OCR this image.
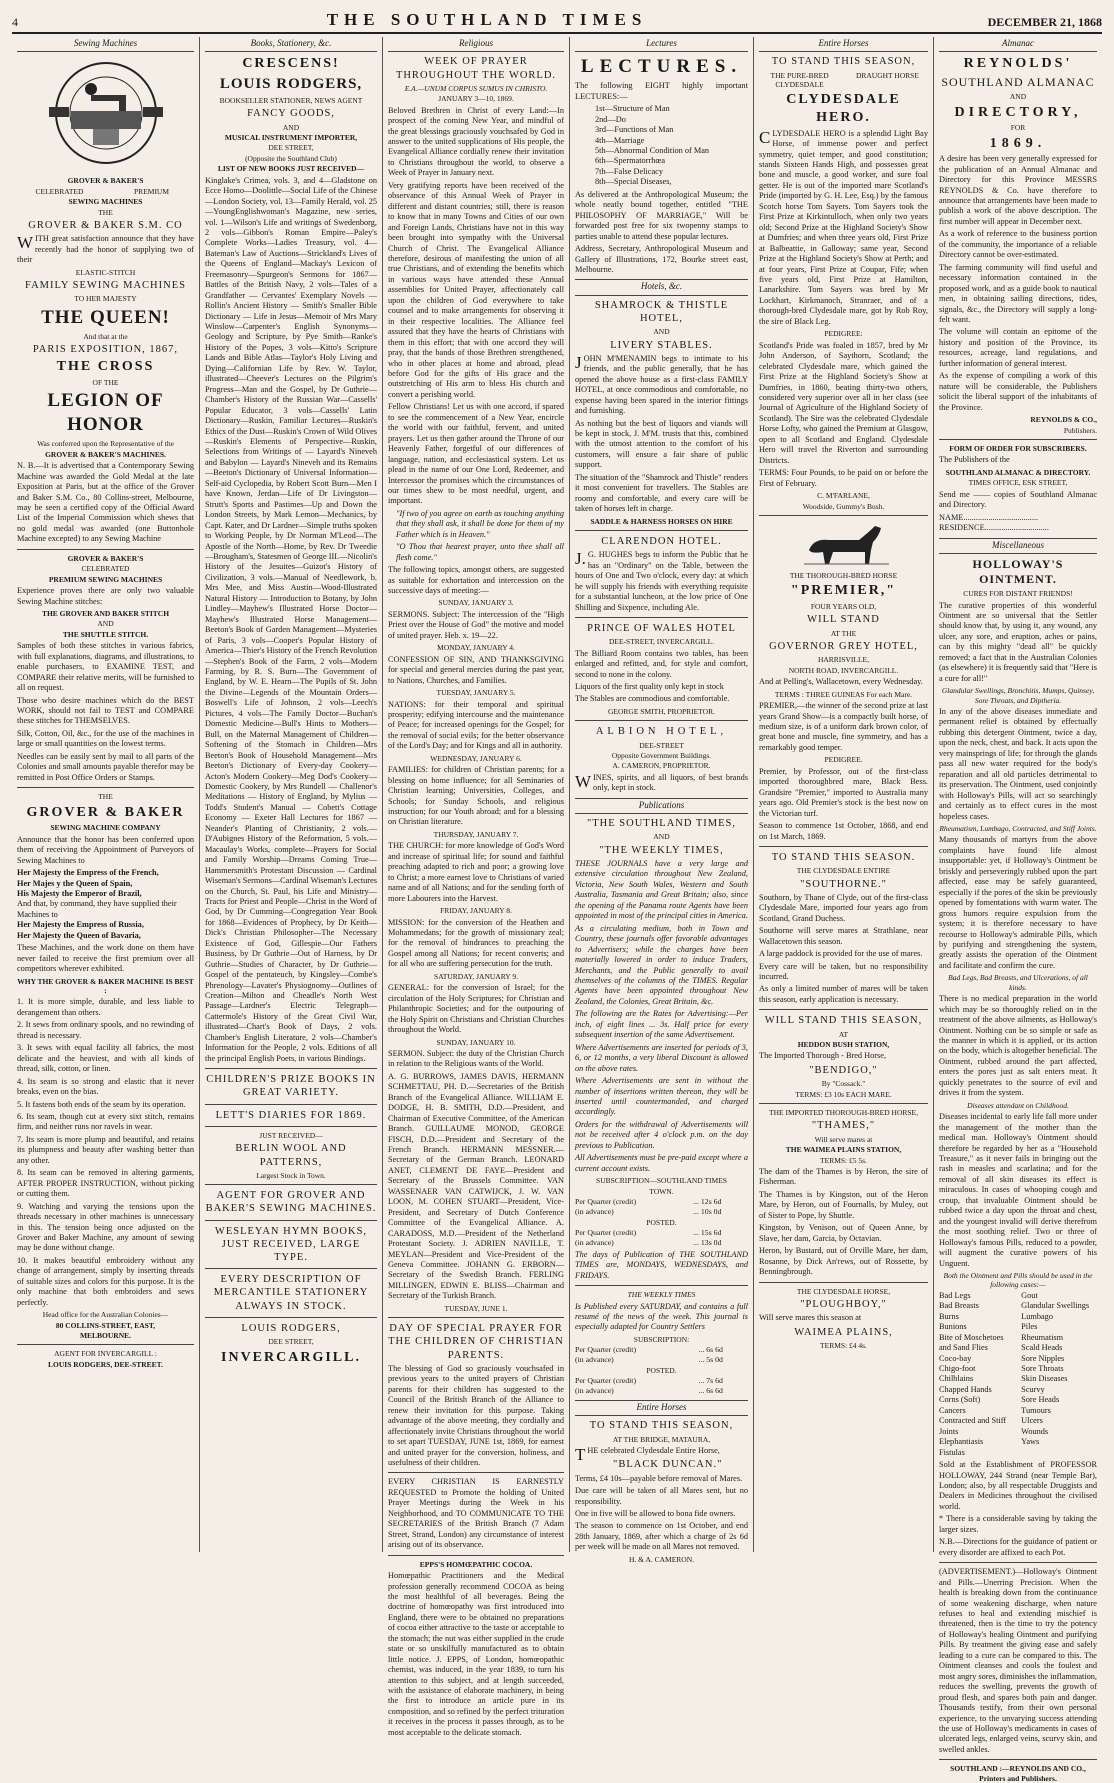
4	THE SOUTHLAND TIMES	DECEMBER 21, 1868
Sewing Machines
GROVER & BAKER'S
CELEBRATED	PREMIUM
SEWING MACHINES
THE
GROVER & BAKER S.M. CO

WITH great satisfaction announce that they have recently had the honor of supplying two of their

ELASTIC-STITCH
FAMILY SEWING MACHINES
TO HER MAJESTY
THE QUEEN!
And that at the
PARIS EXPOSITION, 1867,
THE CROSS
OF THE
LEGION OF HONOR
Was conferred upon the Representative of the
GROVER & BAKER'S MACHINES.

N. B.—It is advertised that a Contemporary Sewing Machine was awarded the Gold Medal at the late Exposition at Paris, but at the office of the Grover and Baker S.M. Co., 80 Collins-street, Melbourne, may be seen a certified copy of the Official Award List of the Imperial Commission which shews that no gold medal was awarded (one Buttonhole Machine excepted) to any Sewing Machine

GROVER & BAKER'S
CELEBRATED
PREMIUM SEWING MACHINES

Experience proves there are only two valuable Sewing Machine stitches:

THE GROVER AND BAKER STITCH
AND
THE SHUTTLE STITCH.

Samples of both these stitches in various fabrics, with full explanations, diagrams, and illustrations, to enable purchasers, to EXAMINE TEST, and COMPARE their relative merits, will be furnished to all on request.

Those who desire machines which do the BEST WORK, should not fail to TEST and COMPARE these stitches for THEMSELVES.

Silk, Cotton, Oil, &c., for the use of the machines in large or small quantities on the lowest terms.

Needles can be easily sent by mail to all parts of the Colonies and small amounts payable therefor may be remitted in Post Office Orders or Stamps.

THE
GROVER & BAKER
SEWING MACHINE COMPANY

Announce that the honor has been conferred upon them of receiving the Appointment of Purveyors of Sewing Machines to

Her Majesty the Empress of the French,
Her Majes y the Queen of Spain,
His Majesty the Emperor of Brazil,
And that, by command, they have supplied their Machines to
Her Majesty the Empress of Russia,
Her Majesty the Queen of Bavaria,

These Machines, and the work done on them have never failed to receive the first premium over all competitors wherever exhibited.

WHY THE GROVER & BAKER MACHINE IS BEST :

1. It is more simple, durable, and less liable to derangement than others.

2. It sews from ordinary spools, and no rewinding of thread is necessary.

3. It sews with equal facility all fabrics, the most delicate and the heaviest, and with all kinds of thread, silk, cotton, or linen.

4. Its seam is so strong and elastic that it never breaks, even on the bias.

5. It fastens both ends of the seam by its operation.

6. Its seam, though cut at every sixt stitch, remains firm, and neither runs nor ravels in wear.

7. Its seam is more plump and beautiful, and retains its plumpness and beauty after washing better than any other.

8. Its seam can be removed in altering garments, AFTER PROPER INSTRUCTION, without picking or cutting them.

9. Watching and varying the tensions upon the threads necessary in other machines is unnecessary in this. The tension being once adjusted on the Grover and Baker Machine, any amount of sewing may be done without change.

10. It makes beautiful embroidery without any change of arrangement, simply by inserting threads of suitable sizes and colors for this purpose. It is the only machine that both embroiders and sews perfectly.

Head office for the Australian Colonies—
80 COLLINS-STREET, EAST,
MELBOURNE.
AGENT FOR INVERCARGILL :
LOUIS RODGERS, DEE-STREET.
Books, Stationery, &c.
CRESCENS!
LOUIS RODGERS,
BOOKSELLER STATIONER, NEWS AGENT
FANCY GOODS,
AND
MUSICAL INSTRUMENT IMPORTER,
DEE STREET,
(Opposite the Southland Club)
LIST OF NEW BOOKS JUST RECEIVED—

Kinglake's Crimea, vols. 3, and 4—Gladstone on Ecce Homo—Doolittle—Social Life of the Chinese—London Society, vol. 13—Family Herald, vol. 25—YoungEnglishwoman's Magazine, new series, vol. 1—Wilson's Life and writings of Swedenborg, 2 vols—Gibbon's Roman Empire—Paley's Complete Works—Ladies Treasury, vol. 4—Bateman's Law of Auctions—Strickland's Lives of the Queens of England—Mackay's Lexicon of Freemasonry—Spurgeon's Sermons for 1867—Battles of the British Navy, 2 vols—Tales of a Grandfather — Cervantes' Exemplary Novels — Rollin's Ancient History — Smith's Smaller Bible Dictionary — Life in Jesus—Memoir of Mrs Mary Winslow—Carpenter's English Synonyms—Geology and Scripture, by Pye Smith—Ranke's History of the Popes, 3 vols—Kitto's Scripture Lands and Bible Atlas—Taylor's Holy Living and Dying—Californian Life by Rev. W. Taylor, illustrated—Cheever's Lectures on the Pilgrim's Progress—Man and the Gospel, by Dr Guthrie—Chamber's History of the Russian War—Cassells' Popular Educator, 3 vols—Cassells' Latin Dictionary—Ruskin, Familiar Lectures—Ruskin's Ethics of the Dust—Ruskin's Crown of Wild Olives—Ruskin's Elements of Perspective—Ruskin, Selections from Writings of — Layard's Nineveh and Babylon — Layard's Nineveh and its Remains—Beeton's Dictionary of Universal Information—Self-aid Cyclopedia, by Robert Scott Burn—Men I have Known, Jerdan—Life of Dr Livingston—Strutt's Sports and Pastimes—Up and Down the London Streets, by Mark Lemon—Mechanics, by Capt. Kater, and Dr Lardner—Simple truths spoken to Working People, by Dr Norman M'Leod—The Apostle of the North—Home, by Rev. Dr Tweedie—Brougham's, Statesmen of George III.—Nicolin's History of the Jesuites—Guizot's History of Civilization, 3 vols.—Manual of Needlework, b. Mrs Mee, and Miss Austin—Wood-Illustrated Natural History — Introduction to Botany, by John Lindley—Mayhew's Illustrated Horse Doctor—Mayhew's Illustrated Horse Management—Beeton's Book of Garden Management—Mysteries of Paris, 3 vols—Cooper's Popular History of America—Thier's History of the French Revolution—Stephen's Book of the Farm, 2 vols—Modern Farming, by R. S. Burn—The Government of England, by W. E. Hearn—The Pupils of St. John the Divine—Legends of the Mountain Orders—Boswell's Life of Johnson, 2 vols—Leech's Pictures, 4 vols—The Family Doctor—Buchan's Domestic Medicine—Bull's Hints to Mothers—Bull, on the Maternal Management of Children—Softening of the Stomach in Children—Mrs Beeton's Book of Household Management—Mrs Beeton's Dictionary of Every-day Cookery—Acton's Modern Cookery—Meg Dod's Cookery—Domestic Cookery, by Mrs Rundell — Challenor's Meditations — History of England, by Mylius — Todd's Student's Manual — Cobett's Cottage Economy — Exeter Hall Lectures for 1867 — Neander's Planting of Christianity, 2 vols.—D'Aubignes History of the Reformation, 5 vols.—Macaulay's Works, complete—Prayers for Social and Family Worship—Dreams Coming True—Hammersmith's Protestant Discussion — Cardinal Wiseman's Sermons—Cardinal Wiseman's Lectures on the Church, St. Paul, his Life and Ministry—Tracts for Priest and People—Christ in the Word of God, by Dr Cumming—Congregation Year Book for 1868—Evidences of Prophecy, by Dr Keith—Dick's Christian Philosopher—The Necessary Existence of God, Gillespie—Our Fathers Business, by Dr Guthrie—Out of Harness, by Dr Guthrie—Studies of Character, by Dr Guthrie—Gospel of the pentateuch, by Kingsley—Combe's Phrenology—Lavater's Physiognomy—Outlines of Creation—Milton and Cheadle's North West Passage—Lardner's Electric Telegraph—Cattermole's History of the Great Civil War, illustrated—Chart's Book of Days, 2 vols. Chamber's English Literature, 2 vols—Chamber's Information for the People, 2 vols. Editions of all the principal English Poets, in various Bindings.

CHILDREN'S PRIZE BOOKS IN GREAT VARIETY.
LETT'S DIARIES FOR 1869.
JUST RECEIVED—
BERLIN WOOL AND PATTERNS,
Largest Stock in Town.
AGENT FOR GROVER AND BAKER'S SEWING MACHINES.
WESLEYAN HYMN BOOKS, JUST RECEIVED, LARGE TYPE.
EVERY DESCRIPTION OF MERCANTILE STATIONERY ALWAYS IN STOCK.
LOUIS RODGERS,
DEE STREET,
INVERCARGILL.
Religious
WEEK OF PRAYER THROUGHOUT THE WORLD.
E.A.—UNUM CORPUS SUMUS IN CHRISTO.
JANUARY 3—10, 1869.

Beloved Brethren in Christ of every Land:—In prospect of the coming New Year, and mindful of the great blessings graciously vouchsafed by God in answer to the united supplications of His people, the Evangelical Alliance cordially renew their invitation to Christians throughout the world, to observe a Week of Prayer in January next.

Very gratifying reports have been received of the observance of this Annual Week of Prayer in different and distant countries; still, there is reason to know that in many Towns and Cities of our own and Foreign Lands, Christians have not in this way been brought into sympathy with the Universal Church of Christ. The Evangelical Alliance therefore, desirous of manifesting the union of all true Christians, and of extending the benefits which in various ways have attended these Annual assemblies for United Prayer, affectionately call upon the children of God everywhere to take counsel and to make arrangements for observing it in their respective localities. The Alliance feel assured that they have the hearts of Christians with them in this effort; that with one accord they will pray, that the bands of those Brethren strengthened, who in other places at home and abroad, plead before God for the gifts of His grace and the outstretching of His arm to bless His church and convert a perishing world.

Fellow Christians! Let us with one accord, if spared to see the commencement of a New Year, encircle the world with our faithful, fervent, and united prayers. Let us then gather around the Throne of our Heavenly Father, forgetful of our differences of language, nation, and ecclesiastical system. Let us plead in the name of our One Lord, Redeemer, and Intercessor the promises which the circumstances of our times shew to be most needful, urgent, and important.

"If two of you agree on earth as touching anything that they shall ask, it shall be done for them of my Father which is in Heaven."

"O Thou that hearest prayer, unto thee shall all flesh come."

The following topics, amongst others, are suggested as suitable for exhortation and intercession on the successive days of meeting:—

SUNDAY, JANUARY 3.

SERMONS. Subject: The intercession of the "High Priest over the House of God" the motive and model of united prayer. Heb. x. 19—22.

MONDAY, JANUARY 4.

CONFESSION OF SIN, AND THANKSGIVING for special and general mercies during the past year, to Nations, Churches, and Families.

TUESDAY, JANUARY 5.

NATIONS: for their temporal and spiritual prosperity; edifying intercourse and the maintenance of Peace; for increased openings for the Gospel; for the removal of social evils; for the better observance of the Lord's Day; and for Kings and all in authority.

WEDNESDAY, JANUARY 6.

FAMILIES: for children of Christian parents; for a blessing on home influence; for all Seminaries of Christian learning; Universities, Colleges, and Schools; for Sunday Schools, and religious instruction; for our Youth abroad; and for a blessing on Christian literature.

THURSDAY, JANUARY 7.

THE CHURCH: for more knowledge of God's Word and increase of spiritual life; for sound and faithful preaching adapted to rich and poor; a growing love to Christ; a more earnest love to Christians of varied name and of all Nations; and for the sending forth of more Labourers into the Harvest.

FRIDAY, JANUARY 8.

MISSION: for the conversion of the Heathen and Mohammedans; for the growth of missionary zeal; for the removal of hindrances to preaching the Gospel among all Nations; for recent converts; and for all who are suffering persecution for the truth.

SATURDAY, JANUARY 9.

GENERAL: for the conversion of Israel; for the circulation of the Holy Scriptures; for Christian and Philanthropic Societies; and for the outpouring of the Holy Spirit on Christians and Christian Churches throughout the World.

SUNDAY, JANUARY 10.

SERMON. Subject: the duty of the Christian Church in relation to the Religious wants of the World.

A. G. BURROWS, JAMES DAVIS, HERMANN SCHMETTAU, PH. D.—Secretaries of the British Branch of the Evangelical Alliance. WILLIAM E. DODGE, H. B. SMITH, D.D.—President, and Chairman of Executive Committee, of the American Branch. GUILLAUME MONOD, GEORGE FISCH, D.D.—President and Secretary of the French Branch. HERMANN MESSNER.—Secretary of the German Branch. LEONARD ANET, CLEMENT DE FAYE—President and Secretary of the Brussels Committee. VAN WASSENAER VAN CATWIJCK, J. W. VAN LOON, M. COHEN STUART—President, Vice-President, and Secretary of Dutch Conference Committee of the Evangelical Alliance. A. CARADOSS, M.D.—President of the Netherland Protestant Society. J. ADRIEN NAVILLE, T. MEYLAN—President and Vice-President of the Geneva Committee. JOHANN G. ERBORN—Secretary of the Swedish Branch. FERLING MILLINGEN, EDWIN E. BLISS—Chairman and Secretary of the Turkish Branch.

TUESDAY, JUNE 1.
DAY OF SPECIAL PRAYER FOR THE CHILDREN OF CHRISTIAN PARENTS.

The blessing of God so graciously vouchsafed in previous years to the united prayers of Christian parents for their children has suggested to the Council of the British Branch of the Alliance to renew their invitation for this purpose. Taking advantage of the above meeting, they cordially and affectionately invite Christians throughout the world to set apart TUESDAY, JUNE 1st, 1869, for earnest and united prayer for the conversion, holiness, and usefulness of their children.

EVERY CHRISTIAN IS EARNESTLY REQUESTED to Promote the holding of United Prayer Meetings during the Week in his Neighborhood, and TO COMMUNICATE TO THE SECRETARIES of the British Branch (7 Adam Street, Strand, London) any circumstance of interest arising out of its observance.

EPPS'S HOMŒPATHIC COCOA.

Homœpathic Practitioners and the Medical profession generally recommend COCOA as being the most healthful of all beverages. Being the doctrine of homœopathy was first introduced into England, there were to be obtained no preparations of cocoa either attractive to the taste or acceptable to the stomach; the nut was either supplied in the crude state or so unskilfully manufactured as to obtain little notice. J. EPPS, of London, homœopathic chemist, was induced, in the year 1839, to turn his attention to this subject, and at length succeeded, with the assistance of elaborate machinery, in being the first to introduce an article pure in its composition, and so refined by the perfect trituration it receives in the process it passes through, as to be most acceptable to the delicate stomach.

Lectures
LECTURES.

The following EIGHT highly important LECTURES:—

1st—Structure of Man
2nd—Do
3rd—Functions of Man
4th—Marriage
5th—Abnormal Condition of Man
6th—Spermatorrhœa
7th—False Delicacy
8th—Special Diseases,

As delivered at the Anthropological Museum; the whole neatly bound together, entitled "THE PHILOSOPHY OF MARRIAGE," Will be forwarded post free for six twopenny stamps to parties unable to attend these popular lectures.

Address, Secretary, Anthropological Museum and Gallery of Illustrations, 172, Bourke street east, Melbourne.

Hotels, &c.
SHAMROCK & THISTLE HOTEL,
AND
LIVERY STABLES.

JOHN M'MENAMIN begs to intimate to his friends, and the public generally, that he has opened the above house as a first-class FAMILY HOTEL, at once commodious and comfortable, no expense having been spared in the interior fittings and furnishing.

As nothing but the best of liquors and viands will be kept in stock, J. M'M. trusts that this, combined with the utmost attention to the comfort of his customers, will ensure a fair share of public support.

The situation of the "Shamrock and Thistle" renders it most convenient for travellers. The Stables are roomy and comfortable, and every care will be taken of horses left in charge.

SADDLE & HARNESS HORSES ON HIRE
CLARENDON HOTEL.

J.G. HUGHES begs to inform the Public that he has an "Ordinary" on the Table, between the hours of One and Two o'clock, every day: at which he will supply his friends with everything requisite for a substantial luncheon, at the low price of One Shilling and Sixpence, including Ale.

PRINCE OF WALES HOTEL
DEE-STREET, INVERCARGILL.

The Billiard Room contains two tables, has been enlarged and refitted, and, for style and comfort, second to none in the colony.

Liquors of the first quality only kept in stock

The Stables are commodious and comfortable.

GEORGE SMITH, PROPRIETOR.
ALBION HOTEL,
DEE-STREET
Opposite Government Buildings.
A. CAMERON, PROPRIETOR.

WINES, spirits, and all liquors, of best brands only, kept in stock.

Publications
"THE SOUTHLAND TIMES,
AND
"THE WEEKLY TIMES,

THESE JOURNALS have a very large and extensive circulation throughout New Zealand, Victoria, New South Wales, Western and South Australia, Tasmania and Great Britain; also, since the opening of the Panama route Agents have been appointed in most of the principal cities in America.

As a circulating medium, both in Town and Country, these journals offer favorable advantages to Advertisers; while the charges have been materially lowered in order to induce Traders, Merchants, and the Public generally to avail themselves of the columns of the TIMES. Regular Agents have been appointed throughout New Zealand, the Colonies, Great Britain, &c.

The following are the Rates for Advertising:—Per inch, of eight lines ... 3s. Half price for every subsequent insertion of the same Advertisement.

Where Advertisements are inserted for periods of 3, 6, or 12 months, a very liberal Discount is allowed on the above rates.

Where Advertisements are sent in without the number of insertions written thereon, they will be inserted until countermanded, and charged accordingly.

Orders for the withdrawal of Advertisements will not be received after 4 o'clock p.m. on the day previous to Publication.

All Advertisements must be pre-paid except where a current account exists.

SUBSCRIPTION—SOUTHLAND TIMES
TOWN.
Per Quarter (credit)	... 12s 6d
(in advance)	... 10s 0d
POSTED.
Per Quarter (credit)	... 15s 6d
(in advance)	... 13s 0d

The days of Publication of THE SOUTHLAND TIMES are, MONDAYS, WEDNESDAYS, and FRIDAYS.

THE WEEKLY TIMES

Is Published every SATURDAY, and contains a full resumé of the news of the week. This journal is especially adapted for Country Settlers

SUBSCRIPTION:
Per Quarter (credit)	... 6s 6d
(in advance)	... 5s 0d
POSTED.
Per Quarter (credit)	... 7s 6d
(in advance)	... 6s 6d
Entire Horses
TO STAND THIS SEASON,
AT THE BRIDGE, MATAURA,

THE celebrated Clydesdale Entire Horse,

"BLACK DUNCAN."

Terms, £4 10s—payable before removal of Mares.

Due care will be taken of all Mares sent, but no responsibility.

One in five will be allowed to bona fide owners.

The season to commence on 1st October, and end 28th January, 1869, after which a charge of 2s 6d per week will be made on all Mares not removed.

H. & A. CAMERON.
Entire Horses
TO STAND THIS SEASON,
THE PURE-BRED CLYDESDALE
DRAUGHT HORSE
CLYDESDALE HERO.

CLYDESDALE HERO is a splendid Light Bay Horse, of immense power and perfect symmetry, quiet temper, and good constitution; stands Sixteen Hands High, and possesses great bone and muscle, a good worker, and sure foal getter. He is out of the imported mare Scotland's Pride (imported by G. H. Lee, Esq.) by the famous Scotch horse Tom Sayers. Tom Sayers took the First Prize at Kirkintulloch, when only two years old; Second Prize at the Highland Society's Show at Dumfries; and when three years old, First Prize at Balbeattie, in Galloway; same year, Second Prize at the Highland Society's Show at Perth; and at four years, First Prize at Coupar, Fife; when five years old, First Prize at Hamilton, Lanarkshire. Tom Sayers was bred by Mr Lockhart, Kirkmanoch, Stranraer, and of a thorough-bred Clydesdale mare, got by Rob Roy, the sire of Black Leg.

PEDIGREE:

Scotland's Pride was foaled in 1857, bred by Mr John Anderson, of Saythorn, Scotland; the celebrated Clydesdale mare, which gained the First Prize at the Highland Society's Show at Dumfries, in 1860, beating thirty-two others, considered very superior over all in her class (see Journal of Agriculture of the Highland Society of Scotland). The Sire was the celebrated Clydesdale Horse Lofty, who gained the Premium at Glasgow, open to all Scotland and England. Clydesdale Hero will travel the Riverton and surrounding Districts.

TERMS: Four Pounds, to be paid on or before the First of February.

C. M'FARLANE,
Woodside, Gummy's Bush.
THE THOROUGH-BRED HORSE
"PREMIER,"
FOUR YEARS OLD,
WILL STAND
AT THE
GOVERNOR GREY HOTEL,
HARRISVILLE,
NORTH ROAD, INVERCARGILL.

And at Pelling's, Wallacetown, every Wednesday.

TERMS : THREE GUINEAS For each Mare.

PREMIER,—the winner of the second prize at last years Grand Show—is a compactly built horse, of medium size, is of a uniform dark brown color, of great bone and muscle, fine symmetry, and has a remarkably good temper.

PEDIGREE.

Premier, by Professor, out of the first-class imported thoroughbred mare, Black Bess. Grandsire "Premier," imported to Australia many years ago. Old Premier's stock is the best now on the Victorian turf.

Season to commence 1st October, 1868, and end on 1st March, 1869.

TO STAND THIS SEASON.
THE CLYDESDALE ENTIRE
"SOUTHORNE."

Southorn, by Thane of Clyde, out of the first-class Clydesdale Mare, imported four years ago from Scotland, Grand Duchess.

Southorne will serve mares at Strathlane, near Wallacetown this season.

A large paddock is provided for the use of mares.

Every care will be taken, but no responsibility incurred.

As only a limited number of mares will be taken this season, early application is necessary.

WILL STAND THIS SEASON,
AT
HEDDON BUSH STATION,

The Imported Thorough - Bred Horse,

"BENDIGO,"
By "Cossack."
TERMS: £3 10s EACH MARE.
THE IMPORTED THOROUGH-BRED HORSE,
"THAMES,"
Will serve mares at
THE WAIMEA PLAINS STATION,
TERMS: £5 5s.

The dam of the Thames is by Heron, the sire of Fisherman.

The Thames is by Kingston, out of the Heron Mare, by Heron, out of Fournalls, by Muley, out of Sister to Pope, by Shuttle.

Kingston, by Venison, out of Queen Anne, by Slave, her dam, Garcia, by Octavian.

Heron, by Bustard, out of Orville Mare, her dam, Rosanne, by Dick An'rews, out of Rossette, by Benningbrough.

THE CLYDESDALE HORSE,
"PLOUGHBOY,"

Will serve mares this season at

WAIMEA PLAINS,
TERMS: £4 4s.
Almanac
REYNOLDS'
SOUTHLAND ALMANAC
AND
DIRECTORY,
FOR
1869.

A desire has been very generally expressed for the publication of an Annual Almanac and Directory for this Province MESSRS REYNOLDS & Co. have therefore to announce that arrangements have been made to publish a work of the above description. The first number will appear in December next.

As a work of reference to the business portion of the community, the importance of a reliable Directory cannot be over-estimated.

The farming community will find useful and necessary information contained in the proposed work, and as a guide book to nautical men, in obtaining sailing directions, tides, signals, &c., the Directory will supply a long-felt want.

The volume will contain an epitome of the history and position of the Province, its resources, acreage, land regulations, and further information of general interest.

As the expense of compiling a work of this nature will be considerable, the Publishers solicit the liberal support of the inhabitants of the Province.

REYNOLDS & CO.,
Publishers.
FORM OF ORDER FOR SUBSCRIBERS.

The Publishers of the

SOUTHLAND ALMANAC & DIRECTORY.
TIMES OFFICE, ESK STREET,

Send me —— copies of Southland Almanac and Directory.

NAME....................................
RESIDENCE...............................
Miscellaneous
HOLLOWAY'S OINTMENT.
CURES FOR DISTANT FRIENDS!

The curative properties of this wonderful Ointment are so universal that the Settler should know that, by using it, any wound, any ulcer, any sore, and eruption, aches or pains, can by this mighty "dead all" be quickly removed; a fact that in the Australian Colonies (as elsewhere) it is frequently said that "Here is a cure for all!"

Glandular Swellings, Bronchitis, Mumps, Quinsey, Sore Throats, and Diptheria.

In any of the above diseases immediate and permanent relief is obtained by effectually rubbing this detergent Ointment, twice a day, upon the neck, chest, and back. It acts upon the very mainsprings of life; for through the glands pass all new water required for the body's reparation and all old particles detrimental to its preservation. The Ointment, used conjointly with Holloway's Pills, will act so searchingly and certainly as to effect cures in the most hopeless cases.

Rheumatism, Lumbago, Contracted, and Stiff Joints.

Many thousands of martyrs from the above complaints have found life almost insupportable: yet, if Holloway's Ointment be briskly and perseveringly rubbed upon the part affected, ease may be safely guaranteed, especially if the pores of the skin be previously opened by fomentations with warm water. The gross humors require expulsion from the system; it is therefore necessary to have recourse to Holloway's admirable Pills, which by purifying and strengthening the system, greatly assists the operation of the Ointment and facilitate and confirm the cure.

Bad Legs, Bad Breasts, and Ulcerations, of all kinds.

There is no medical preparation in the world which may be so thoroughly relied on in the treatment of the above ailments, as Holloway's Ointment. Nothing can be so simple or safe as the manner in which it is applied, or its action on the body, which is altogether beneficial. The Ointment, rubbed around the part affected, enters the pores just as salt enters meat. It quickly penetrates to the source of evil and drives it from the system.

Diseases attendant on Childhood.

Diseases incidental to early life fall more under the management of the mother than the medical man. Holloway's Ointment should therefore be regarded by her as a "Household Treasure," as it never fails in bringing out the rash in measles and scarlatina; and for the removal of all skin diseases its effect is miraculous. In cases of whooping cough and croup, that invaluable Ointment should be rubbed twice a day upon the throat and chest, and the youngest invalid will derive therefrom the most soothing relief. Two or three of Holloway's famous Pills, reduced to a powder, will augment the curative powers of his Unguent.

Both the Ointment and Pills should be used in the following cases:—
Bad Legs
Bad Breasts
Burns
Bunions
Bite of Moschetoes and Sand Flies
Coco-bay
Chigo-foot
Chilblains
Chapped Hands
Corns (Soft)
Cancers
Contracted and Stiff Joints
Elephantiasis
Fistulas
Gout
Glandular Swellings
Lumbago
Piles
Rheumatism
Scald Heads
Sore Nipples
Sore Throats
Skin Diseases
Scurvy
Sore Heads
Tumours
Ulcers
Wounds
Yaws

Sold at the Establishment of PROFESSOR HOLLOWAY, 244 Strand (near Temple Bar), London; also, by all respectable Druggists and Dealers in Medicines throughout the civilised world.

* There is a considerable saving by taking the larger sizes.

N.B.—Directions for the guidance of patient or every disorder are affixed to each Pot.

(ADVERTISEMENT.)—Holloway's Ointment and Pills.—Unerring Precision. When the health is breaking down from the continuance of some weakening discharge, when nature refuses to heal and extending mischief is threatened, then is the time to try the potency of Holloway's healing Ointment and purifying Pills. By treatment the giving ease and safely leading to a cure can be compared to this. The Ointment cleanses and cools the foulest and most angry sores, diminishes the inflammation, reduces the swelling, prevents the growth of proud flesh, and spares both pain and danger. Thousands testify, from their own personal experience, to the unvarying success attending the use of Holloway's medicaments in cases of ulcerated legs, enlarged veins, scurvy skin, and swelled ankles.

SOUTHLAND :—REYNOLDS AND CO., Printers and Publishers.
